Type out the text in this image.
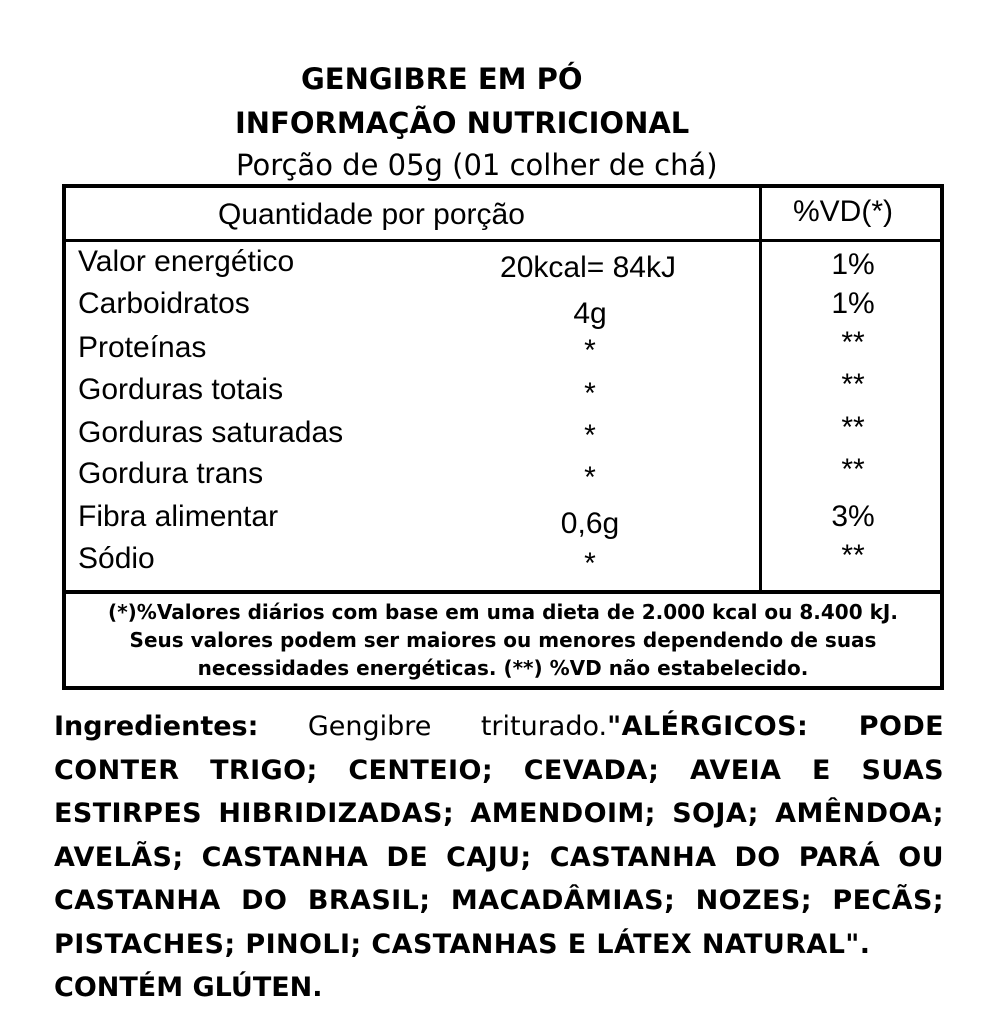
GENGIBRE EM PÓ
INFORMAÇÃO NUTRICIONAL
Porção de 05g (01 colher de chá)
Quantidade por porção	%VD(*)
Valor energético	20kcal= 84kJ	1%
Carboidratos	4g	1%
Proteínas	*	**
Gorduras totais	*	**
Gorduras saturadas	*	**
Gordura trans	*	**
Fibra alimentar	0,6g	3%
Sódio	*	**
(*)%Valores diários com base em uma dieta de 2.000 kcal ou 8.400 kJ.
Seus valores podem ser maiores ou menores dependendo de suas
necessidades energéticas. (**) %VD não estabelecido.
Ingredientes: Gengibre triturado."ALÉRGICOS: PODE CONTER TRIGO; CENTEIO; CEVADA; AVEIA E SUAS ESTIRPES HIBRIDIZADAS; AMENDOIM; SOJA; AMÊNDOA; AVELÃS; CASTANHA DE CAJU; CASTANHA DO PARÁ OU CASTANHA DO BRASIL; MACADÂMIAS; NOZES; PECÃS; PISTACHES; PINOLI; CASTANHAS E LÁTEX NATURAL".
CONTÉM GLÚTEN.
